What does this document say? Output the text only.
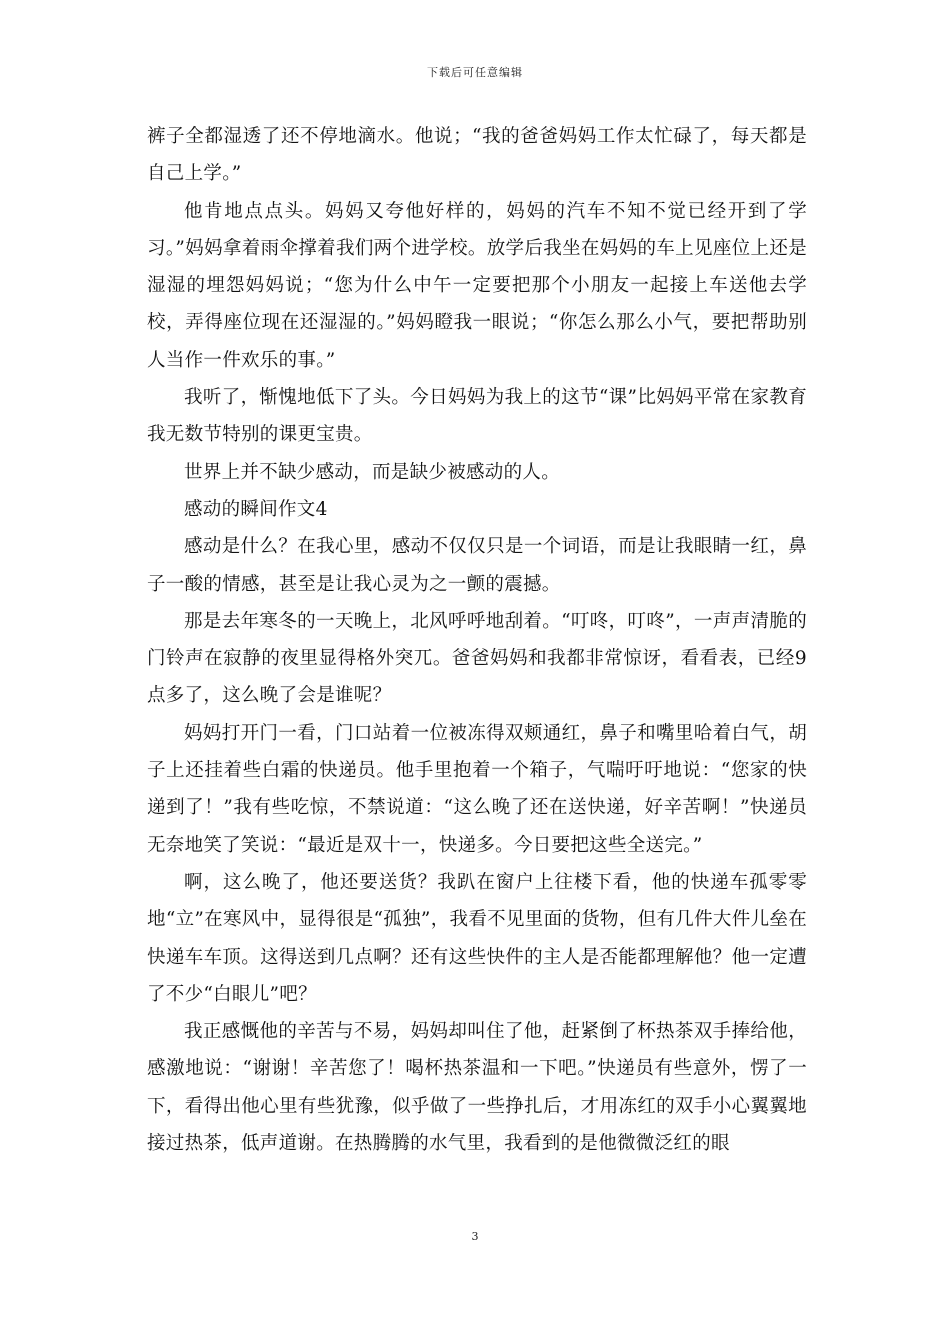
下载后可任意编辑

裤子全都湿透了还不停地滴水。他说；“我的爸爸妈妈工作太忙碌了，每天都是自己上学。”

他肯地点点头。妈妈又夸他好样的，妈妈的汽车不知不觉已经开到了学习。”妈妈拿着雨伞撑着我们两个进学校。放学后我坐在妈妈的车上见座位上还是湿湿的埋怨妈妈说；“您为什么中午一定要把那个小朋友一起接上车送他去学校，弄得座位现在还湿湿的。”妈妈瞪我一眼说；“你怎么那么小气，要把帮助别人当作一件欢乐的事。”

我听了，惭愧地低下了头。今日妈妈为我上的这节“课”比妈妈平常在家教育我无数节特别的课更宝贵。

世界上并不缺少感动，而是缺少被感动的人。

感动的瞬间作文4

感动是什么？在我心里，感动不仅仅只是一个词语，而是让我眼睛一红，鼻子一酸的情感，甚至是让我心灵为之一颤的震撼。

那是去年寒冬的一天晚上，北风呼呼地刮着。“叮咚，叮咚”，一声声清脆的门铃声在寂静的夜里显得格外突兀。爸爸妈妈和我都非常惊讶，看看表，已经9点多了，这么晚了会是谁呢？

妈妈打开门一看，门口站着一位被冻得双颊通红，鼻子和嘴里哈着白气，胡子上还挂着些白霜的快递员。他手里抱着一个箱子，气喘吁吁地说：“您家的快递到了！”我有些吃惊，不禁说道：“这么晚了还在送快递，好辛苦啊！”快递员无奈地笑了笑说：“最近是双十一，快递多。今日要把这些全送完。”

啊，这么晚了，他还要送货？我趴在窗户上往楼下看，他的快递车孤零零地“立”在寒风中，显得很是“孤独”，我看不见里面的货物，但有几件大件儿垒在快递车车顶。这得送到几点啊？还有这些快件的主人是否能都理解他？他一定遭了不少“白眼儿”吧？

我正感慨他的辛苦与不易，妈妈却叫住了他，赶紧倒了杯热茶双手捧给他，感激地说：“谢谢！辛苦您了！喝杯热茶温和一下吧。”快递员有些意外，愣了一下，看得出他心里有些犹豫，似乎做了一些挣扎后，才用冻红的双手小心翼翼地接过热茶，低声道谢。在热腾腾的水气里，我看到的是他微微泛红的眼

3
